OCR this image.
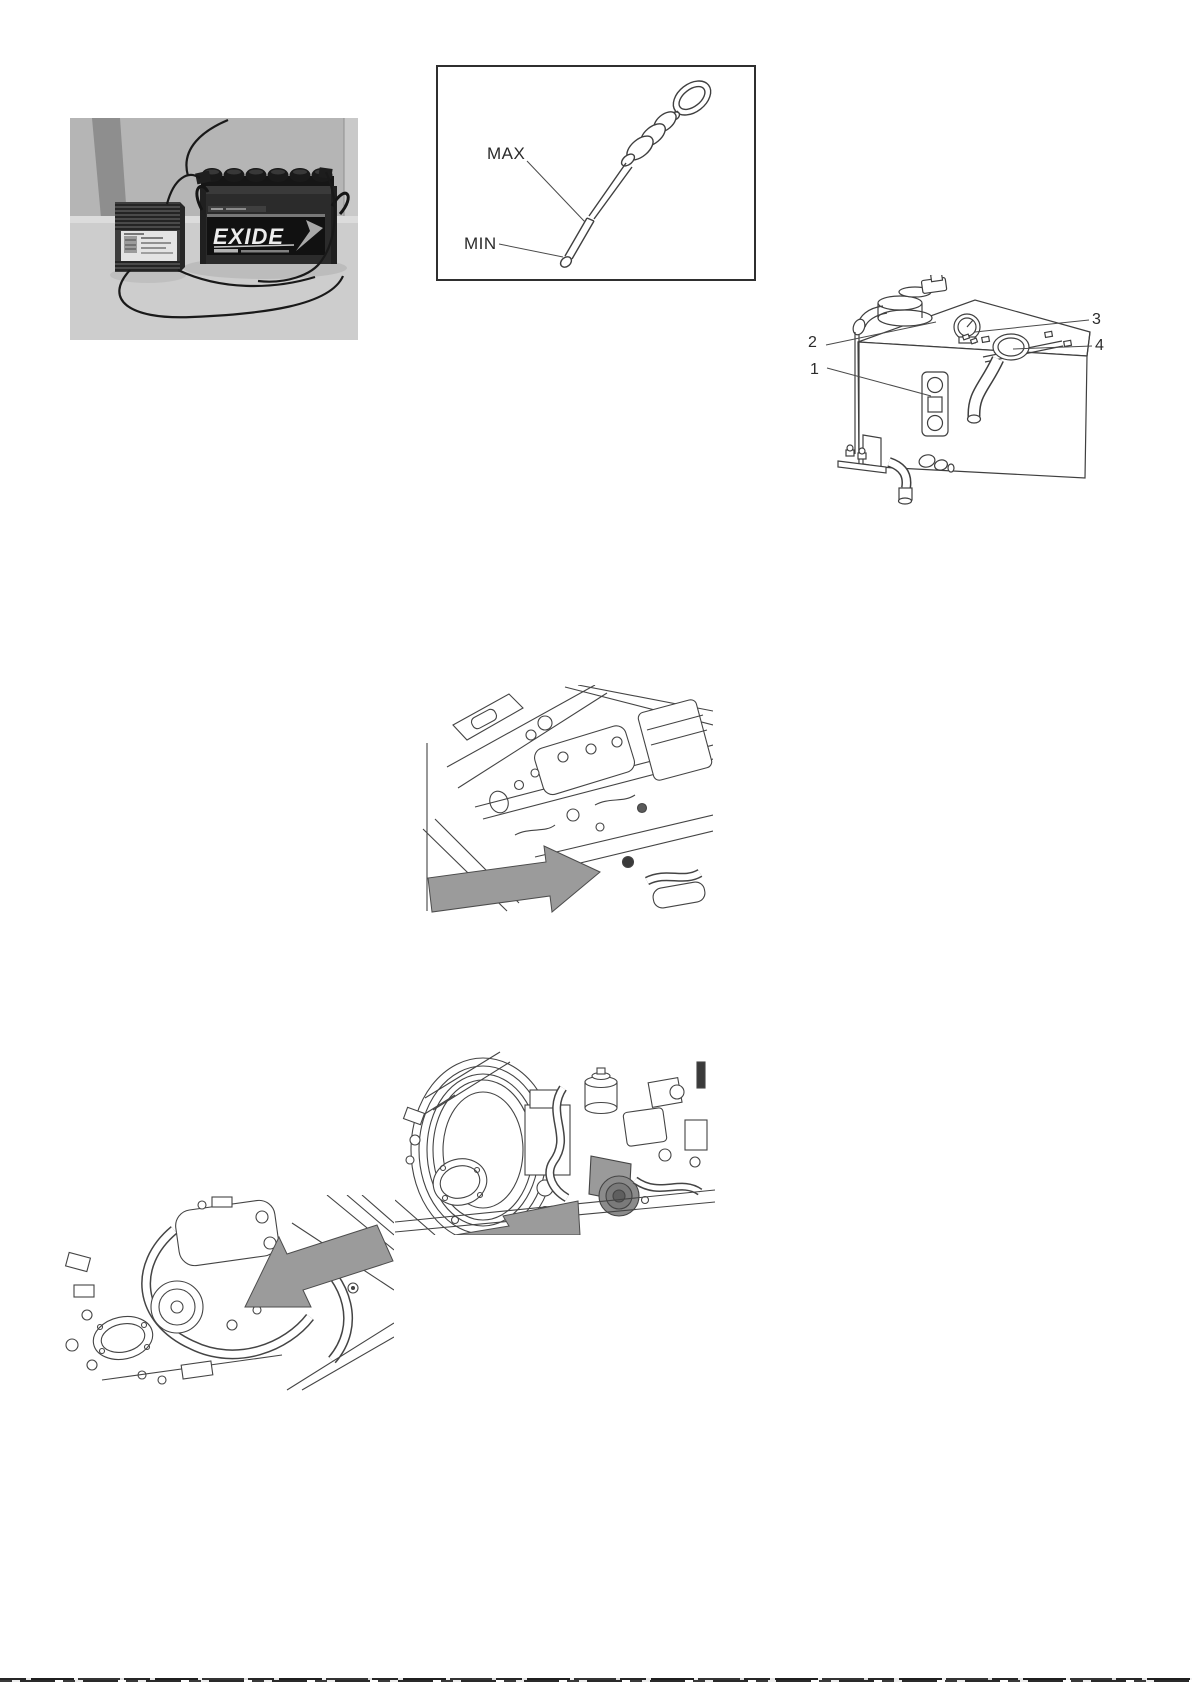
EXIDE
MAX
MIN
2
1
3
4
